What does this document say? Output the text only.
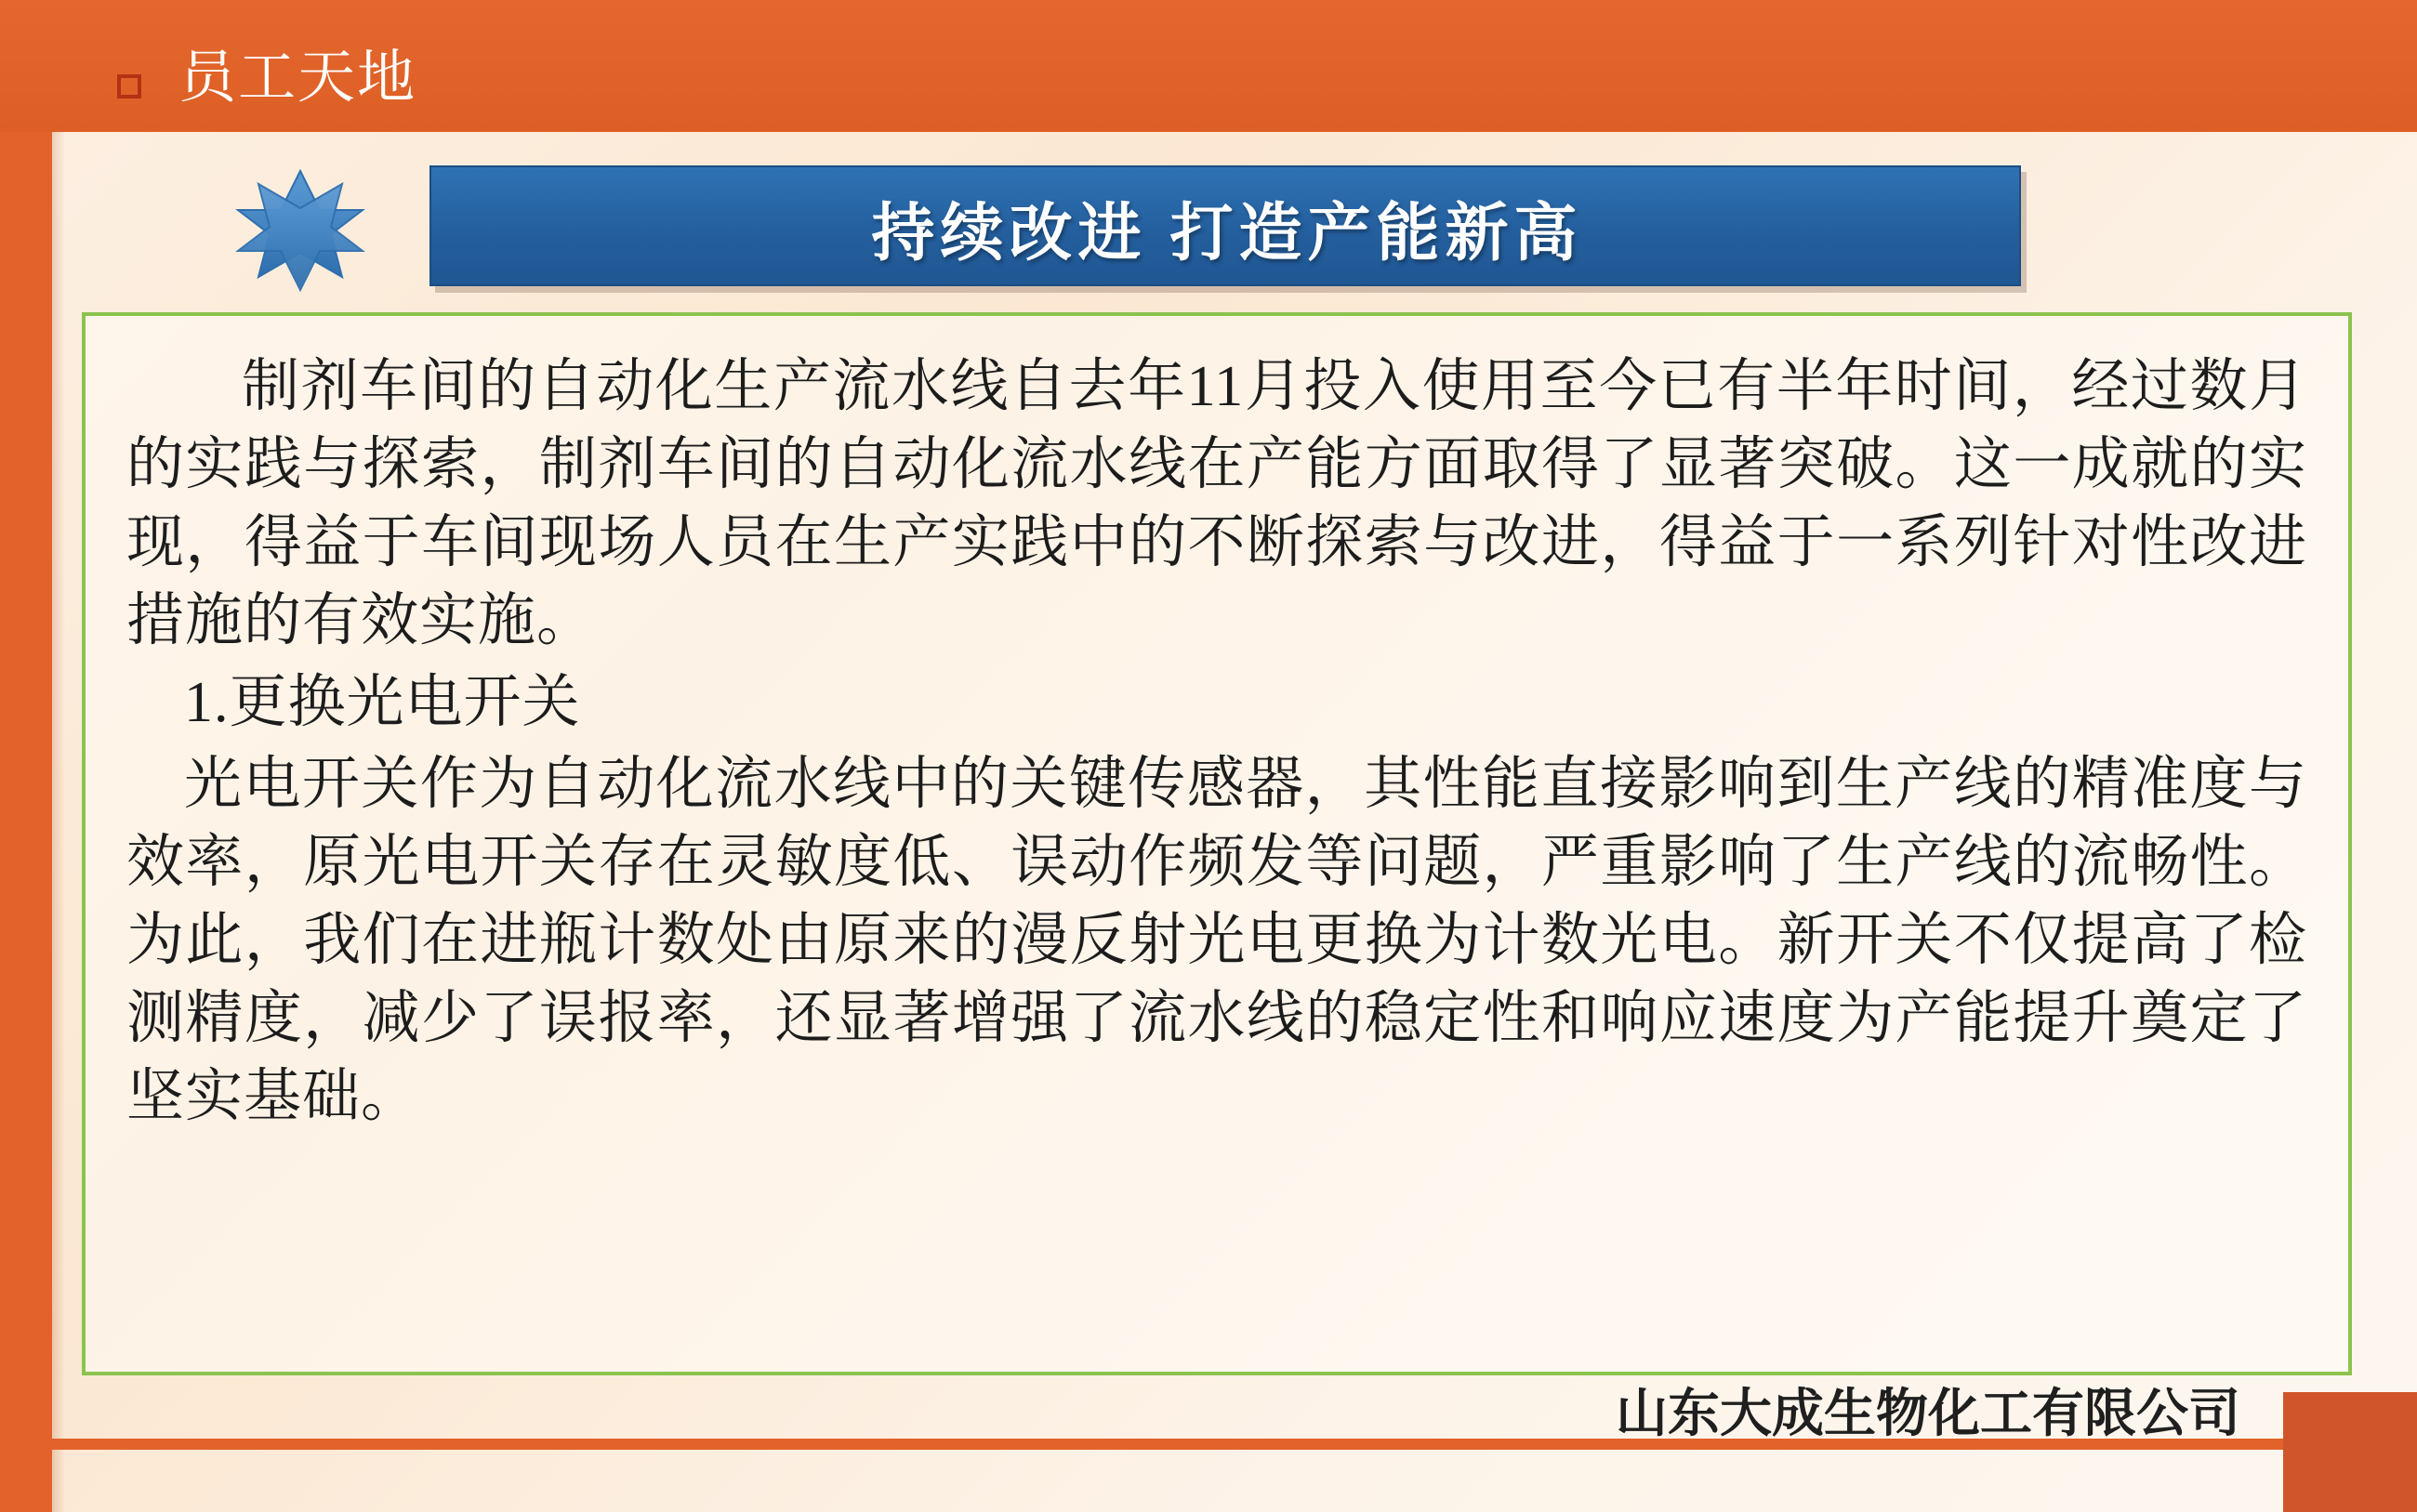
员工天地
持续改进 打造产能新高

制剂车间的自动化生产流水线自去年11月投入使用至今已有半年时间，经过数月的实践与探索，制剂车间的自动化流水线在产能方面取得了显著突破。这一成就的实现，得益于车间现场人员在生产实践中的不断探索与改进，得益于一系列针对性改进措施的有效实施。

1.更换光电开关

光电开关作为自动化流水线中的关键传感器，其性能直接影响到生产线的精准度与效率，原光电开关存在灵敏度低、误动作频发等问题，严重影响了生产线的流畅性。为此，我们在进瓶计数处由原来的漫反射光电更换为计数光电。新开关不仅提高了检测精度，减少了误报率，还显著增强了流水线的稳定性和响应速度为产能提升奠定了坚实基础。

山东大成生物化工有限公司
